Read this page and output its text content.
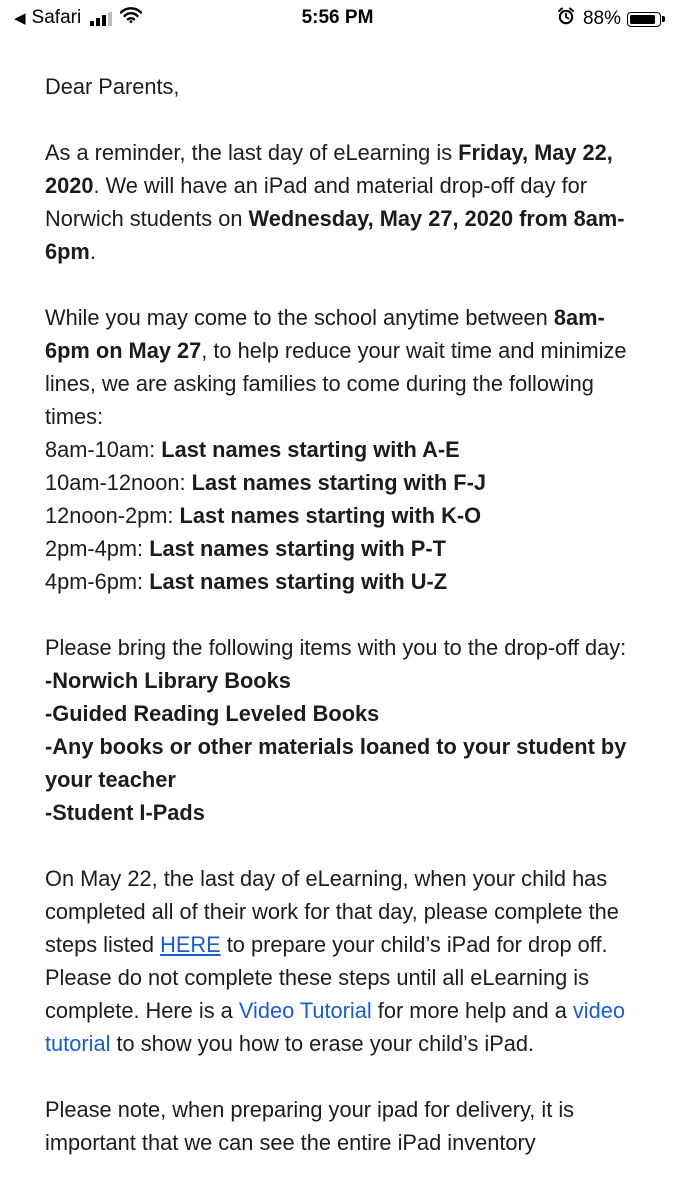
◀ Safari	5:56 PM	88%

Dear Parents,

As a reminder, the last day of eLearning is Friday, May 22, 2020. We will have an iPad and material drop-off day for Norwich students on Wednesday, May 27, 2020 from 8am-6pm.

While you may come to the school anytime between 8am-6pm on May 27, to help reduce your wait time and minimize lines, we are asking families to come during the following times:

8am-10am: Last names starting with A-E

10am-12noon: Last names starting with F-J

12noon-2pm: Last names starting with K-O

2pm-4pm: Last names starting with P-T

4pm-6pm: Last names starting with U-Z

Please bring the following items with you to the drop-off day:

-Norwich Library Books

-Guided Reading Leveled Books

-Any books or other materials loaned to your student by your teacher

-Student I-Pads

On May 22, the last day of eLearning, when your child has completed all of their work for that day, please complete the steps listed HERE to prepare your child’s iPad for drop off. Please do not complete these steps until all eLearning is complete. Here is a Video Tutorial for more help and a video tutorial to show you how to erase your child’s iPad.

Please note, when preparing your ipad for delivery, it is important that we can see the entire iPad inventory
